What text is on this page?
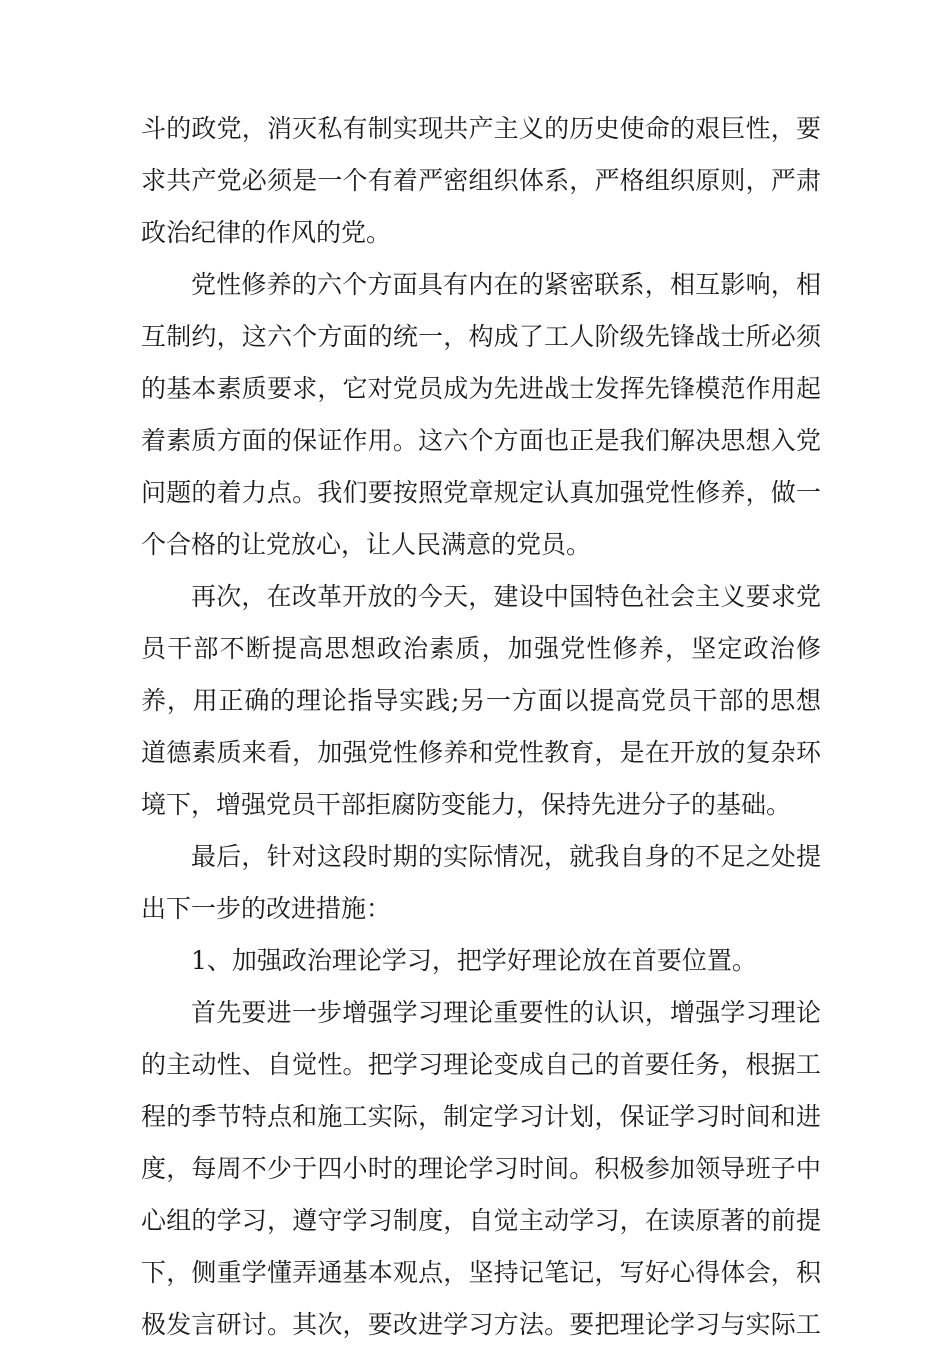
斗的政党，消灭私有制实现共产主义的历史使命的艰巨性，要
求共产党必须是一个有着严密组织体系，严格组织原则，严肃
政治纪律的作风的党。
党性修养的六个方面具有内在的紧密联系，相互影响，相
互制约，这六个方面的统一，构成了工人阶级先锋战士所必须
的基本素质要求，它对党员成为先进战士发挥先锋模范作用起
着素质方面的保证作用。这六个方面也正是我们解决思想入党
问题的着力点。我们要按照党章规定认真加强党性修养，做一
个合格的让党放心，让人民满意的党员。
再次，在改革开放的今天，建设中国特色社会主义要求党
员干部不断提高思想政治素质，加强党性修养，坚定政治修
养，用正确的理论指导实践;另一方面以提高党员干部的思想
道德素质来看，加强党性修养和党性教育，是在开放的复杂环
境下，增强党员干部拒腐防变能力，保持先进分子的基础。
最后，针对这段时期的实际情况，就我自身的不足之处提
出下一步的改进措施：
1、加强政治理论学习，把学好理论放在首要位置。
首先要进一步增强学习理论重要性的认识，增强学习理论
的主动性、自觉性。把学习理论变成自己的首要任务，根据工
程的季节特点和施工实际，制定学习计划，保证学习时间和进
度，每周不少于四小时的理论学习时间。积极参加领导班子中
心组的学习，遵守学习制度，自觉主动学习，在读原著的前提
下，侧重学懂弄通基本观点，坚持记笔记，写好心得体会，积
极发言研讨。其次，要改进学习方法。要把理论学习与实际工
